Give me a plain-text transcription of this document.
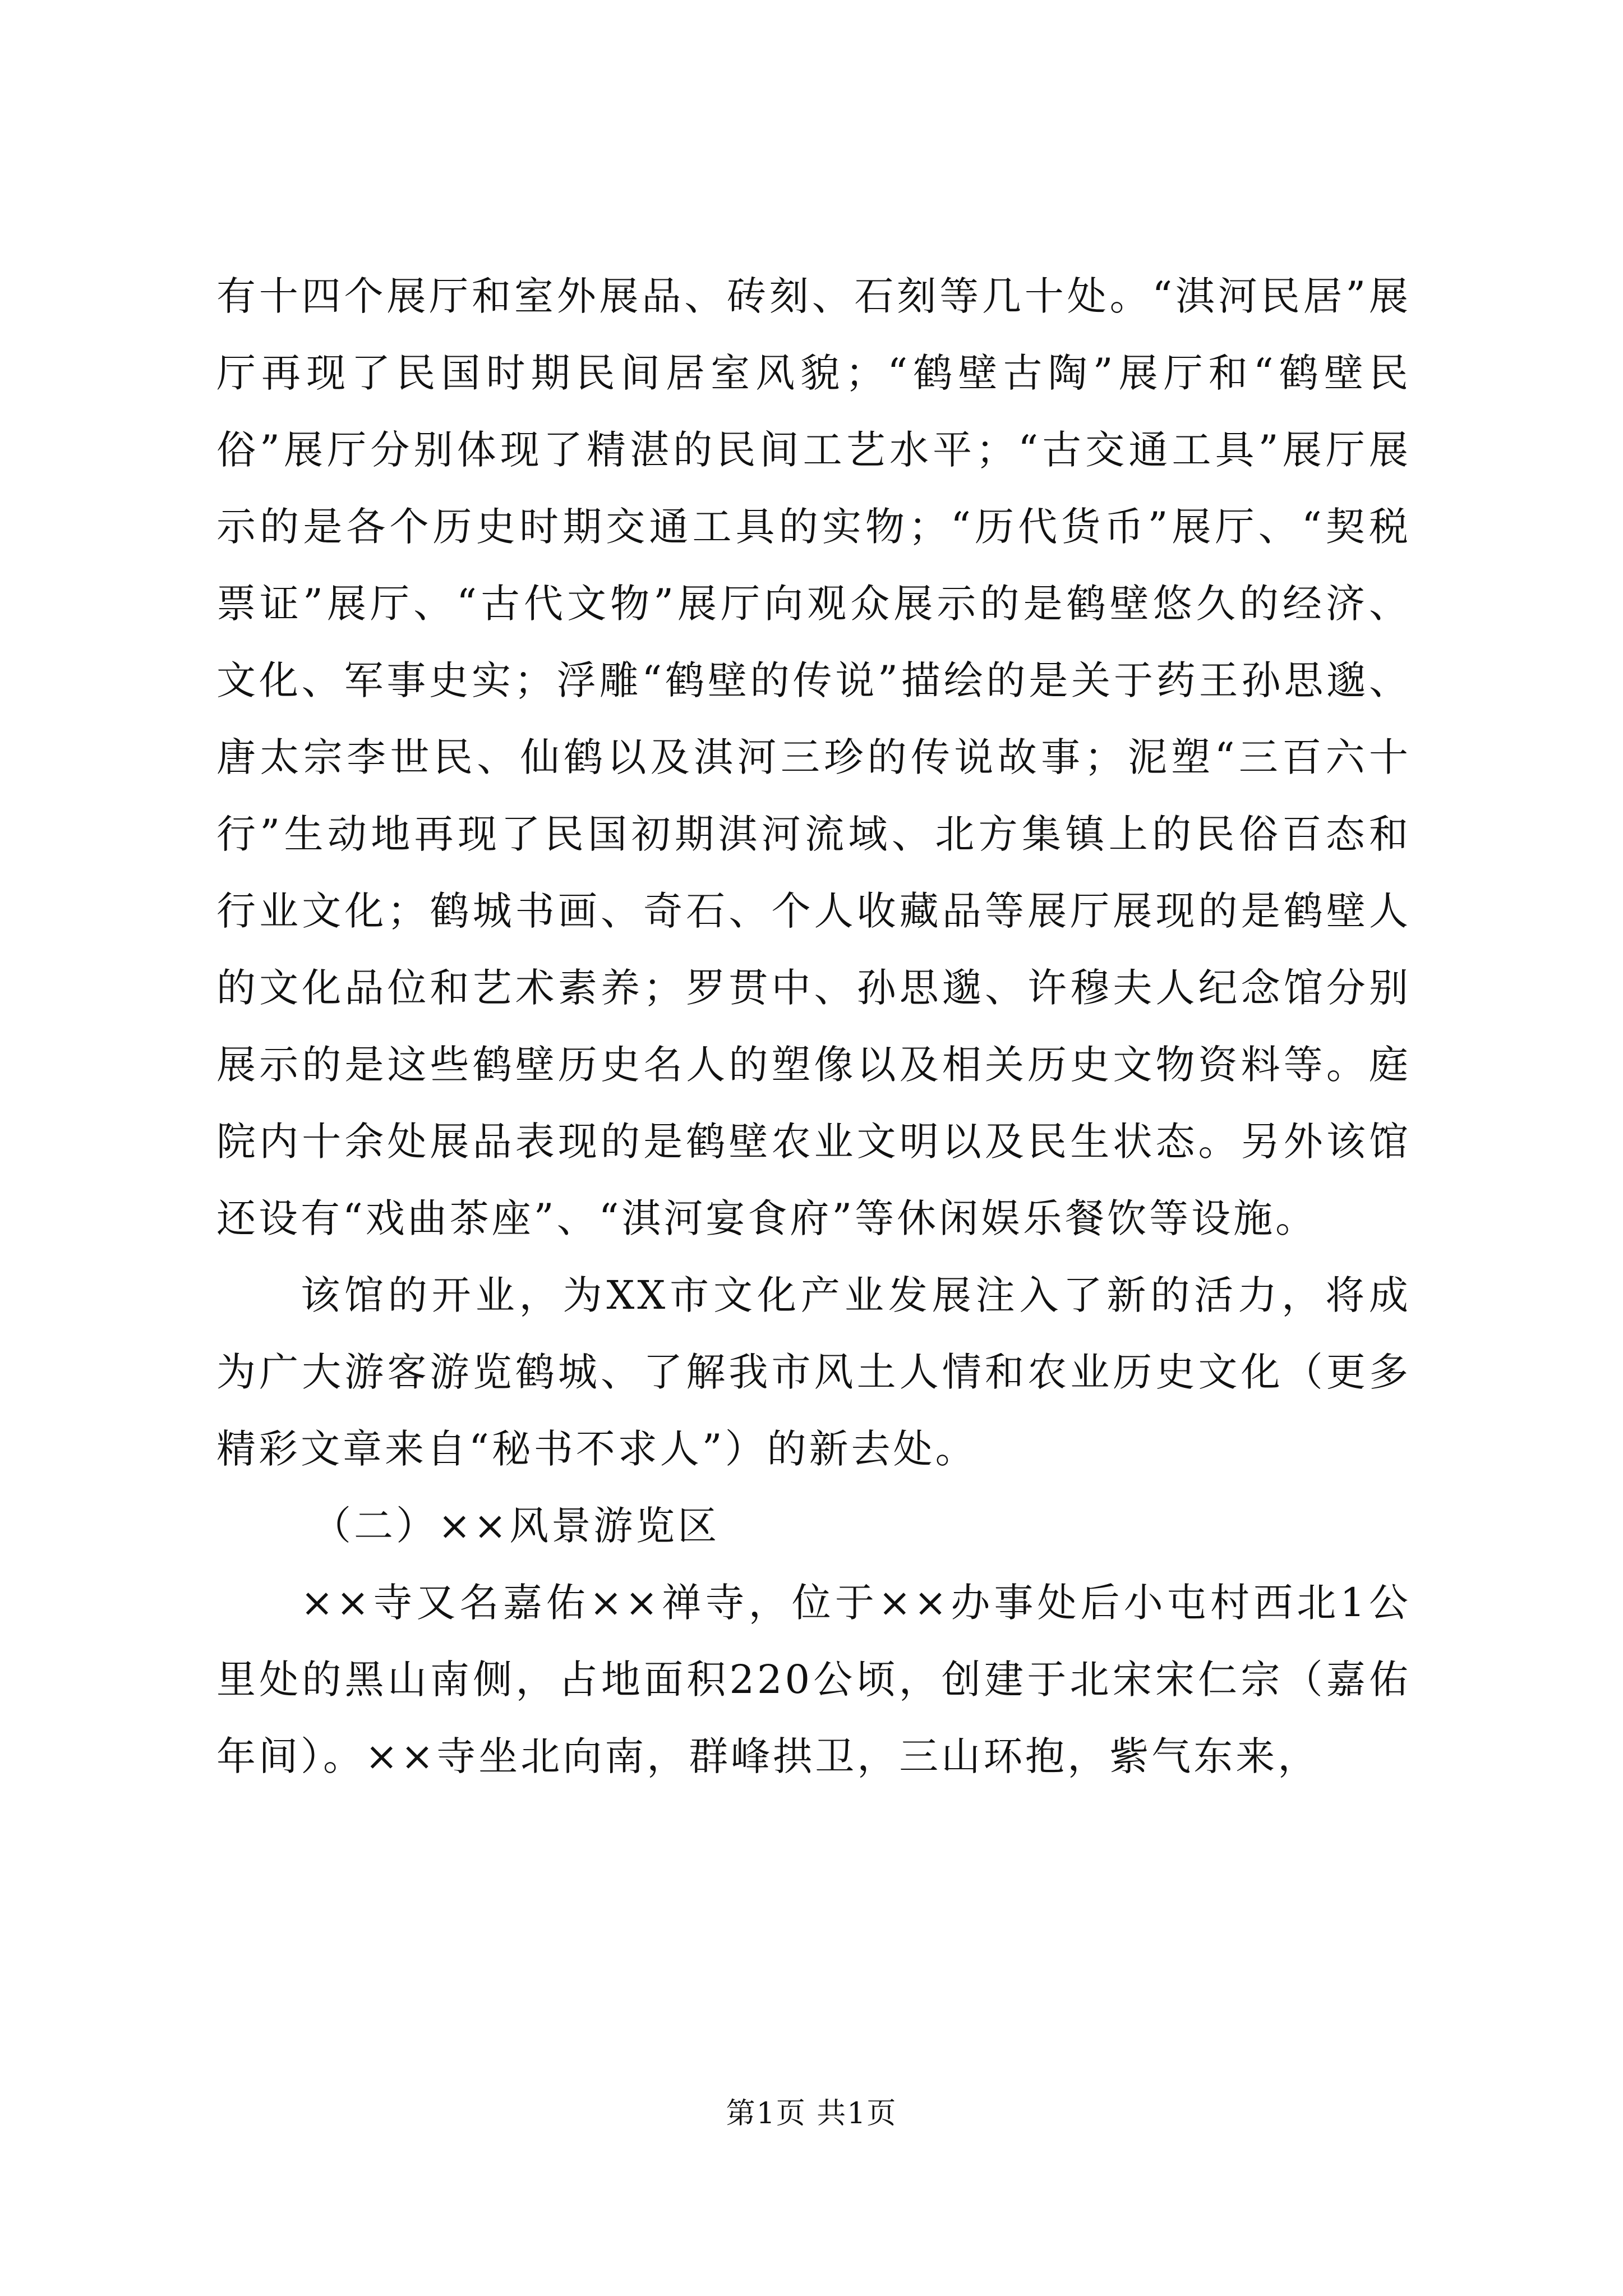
有十四个展厅和室外展品、砖刻、石刻等几十处。“淇河民居”展厅再现了民国时期民间居室风貌；“鹤壁古陶”展厅和“鹤壁民俗”展厅分别体现了精湛的民间工艺水平；“古交通工具”展厅展示的是各个历史时期交通工具的实物；“历代货币”展厅、“契税票证”展厅、“古代文物”展厅向观众展示的是鹤壁悠久的经济、文化、军事史实；浮雕“鹤壁的传说”描绘的是关于药王孙思邈、唐太宗李世民、仙鹤以及淇河三珍的传说故事；泥塑“三百六十行”生动地再现了民国初期淇河流域、北方集镇上的民俗百态和行业文化；鹤城书画、奇石、个人收藏品等展厅展现的是鹤壁人的文化品位和艺术素养；罗贯中、孙思邈、许穆夫人纪念馆分别展示的是这些鹤壁历史名人的塑像以及相关历史文物资料等。庭院内十余处展品表现的是鹤壁农业文明以及民生状态。另外该馆还设有“戏曲茶座”、“淇河宴食府”等休闲娱乐餐饮等设施。

该馆的开业，为XX市文化产业发展注入了新的活力，将成为广大游客游览鹤城、了解我市风土人情和农业历史文化（更多精彩文章来自“秘书不求人”）的新去处。

（二）××风景游览区

××寺又名嘉佑××禅寺，位于××办事处后小屯村西北1公里处的黑山南侧，占地面积220公顷，创建于北宋宋仁宗（嘉佑年间）。××寺坐北向南，群峰拱卫，三山环抱，紫气东来，

第1页 共1页
